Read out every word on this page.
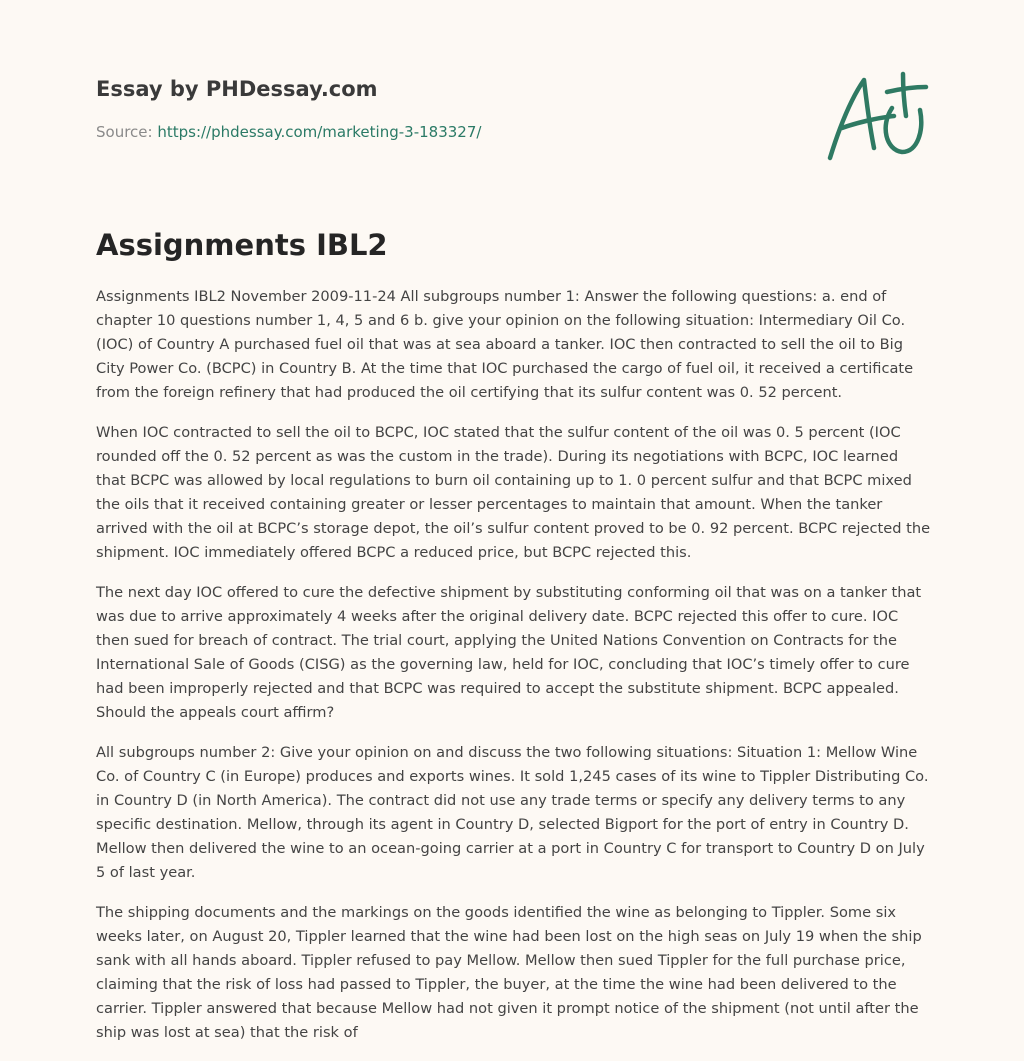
Essay by PHDessay.com
Source: https://phdessay.com/marketing-3-183327/
Assignments IBL2

Assignments IBL2 November 2009-11-24 All subgroups number 1: Answer the following questions: a. end of chapter 10 questions number 1, 4, 5 and 6 b. give your opinion on the following situation: Intermediary Oil Co. (IOC) of Country A purchased fuel oil that was at sea aboard a tanker. IOC then contracted to sell the oil to Big City Power Co. (BCPC) in Country B. At the time that IOC purchased the cargo of fuel oil, it received a certificate from the foreign refinery that had produced the oil certifying that its sulfur content was 0. 52 percent.

When IOC contracted to sell the oil to BCPC, IOC stated that the sulfur content of the oil was 0. 5 percent (IOC rounded off the 0. 52 percent as was the custom in the trade). During its negotiations with BCPC, IOC learned that BCPC was allowed by local regulations to burn oil containing up to 1. 0 percent sulfur and that BCPC mixed the oils that it received containing greater or lesser percentages to maintain that amount. When the tanker arrived with the oil at BCPC’s storage depot, the oil’s sulfur content proved to be 0. 92 percent. BCPC rejected the shipment. IOC immediately offered BCPC a reduced price, but BCPC rejected this.

The next day IOC offered to cure the defective shipment by substituting conforming oil that was on a tanker that was due to arrive approximately 4 weeks after the original delivery date. BCPC rejected this offer to cure. IOC then sued for breach of contract. The trial court, applying the United Nations Convention on Contracts for the International Sale of Goods (CISG) as the governing law, held for IOC, concluding that IOC’s timely offer to cure had been improperly rejected and that BCPC was required to accept the substitute shipment. BCPC appealed. Should the appeals court affirm?

All subgroups number 2: Give your opinion on and discuss the two following situations: Situation 1: Mellow Wine Co. of Country C (in Europe) produces and exports wines. It sold 1,245 cases of its wine to Tippler Distributing Co. in Country D (in North America). The contract did not use any trade terms or specify any delivery terms to any specific destination. Mellow, through its agent in Country D, selected Bigport for the port of entry in Country D. Mellow then delivered the wine to an ocean-going carrier at a port in Country C for transport to Country D on July 5 of last year.

The shipping documents and the markings on the goods identified the wine as belonging to Tippler. Some six weeks later, on August 20, Tippler learned that the wine had been lost on the high seas on July 19 when the ship sank with all hands aboard. Tippler refused to pay Mellow. Mellow then sued Tippler for the full purchase price, claiming that the risk of loss had passed to Tippler, the buyer, at the time the wine had been delivered to the carrier. Tippler answered that because Mellow had not given it prompt notice of the shipment (not until after the ship was lost at sea) that the risk of
